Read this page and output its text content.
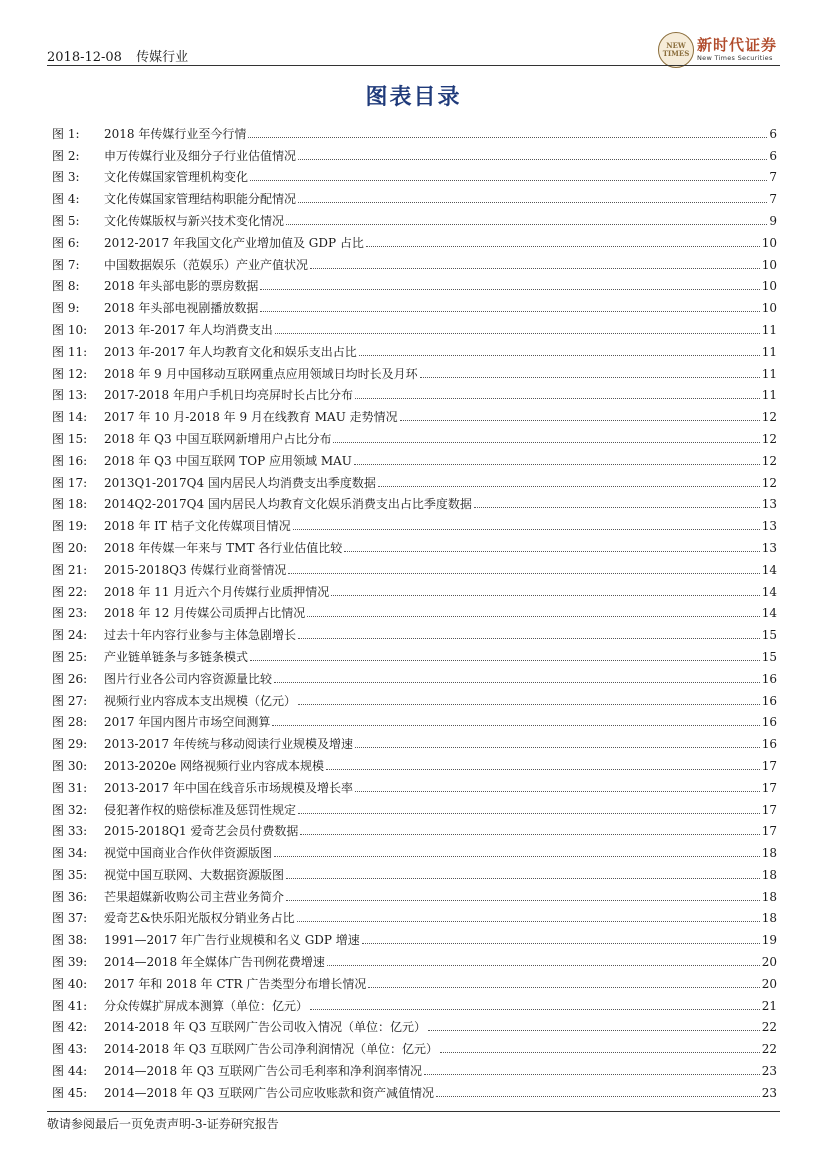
2018-12-08 传媒行业
NEW TIMES 新时代证券
New Times Securities
图表目录
图 1:	2018 年传媒行业至今行情	6
图 2:	申万传媒行业及细分子行业估值情况	6
图 3:	文化传媒国家管理机构变化	7
图 4:	文化传媒国家管理结构职能分配情况	7
图 5:	文化传媒版权与新兴技术变化情况	9
图 6:	2012-2017 年我国文化产业增加值及 GDP 占比	10
图 7:	中国数据娱乐（范娱乐）产业产值状况	10
图 8:	2018 年头部电影的票房数据	10
图 9:	2018 年头部电视剧播放数据	10
图 10:	2013 年-2017 年人均消费支出	11
图 11:	2013 年-2017 年人均教育文化和娱乐支出占比	11
图 12:	2018 年 9 月中国移动互联网重点应用领域日均时长及月环	11
图 13:	2017-2018 年用户手机日均亮屏时长占比分布	11
图 14:	2017 年 10 月-2018 年 9 月在线教育 MAU 走势情况	12
图 15:	2018 年 Q3 中国互联网新增用户占比分布	12
图 16:	2018 年 Q3 中国互联网 TOP 应用领域 MAU	12
图 17:	2013Q1-2017Q4 国内居民人均消费支出季度数据	12
图 18:	2014Q2-2017Q4 国内居民人均教育文化娱乐消费支出占比季度数据	13
图 19:	2018 年 IT 桔子文化传媒项目情况	13
图 20:	2018 年传媒一年来与 TMT 各行业估值比较	13
图 21:	2015-2018Q3 传媒行业商誉情况	14
图 22:	2018 年 11 月近六个月传媒行业质押情况	14
图 23:	2018 年 12 月传媒公司质押占比情况	14
图 24:	过去十年内容行业参与主体急剧增长	15
图 25:	产业链单链条与多链条模式	15
图 26:	图片行业各公司内容资源量比较	16
图 27:	视频行业内容成本支出规模（亿元）	16
图 28:	2017 年国内图片市场空间测算	16
图 29:	2013-2017 年传统与移动阅读行业规模及增速	16
图 30:	2013-2020e 网络视频行业内容成本规模	17
图 31:	2013-2017 年中国在线音乐市场规模及增长率	17
图 32:	侵犯著作权的赔偿标准及惩罚性规定	17
图 33:	2015-2018Q1 爱奇艺会员付费数据	17
图 34:	视觉中国商业合作伙伴资源版图	18
图 35:	视觉中国互联网、大数据资源版图	18
图 36:	芒果超媒新收购公司主营业务简介	18
图 37:	爱奇艺&快乐阳光版权分销业务占比	18
图 38:	1991—2017 年广告行业规模和名义 GDP 增速	19
图 39:	2014—2018 年全媒体广告刊例花费增速	20
图 40:	2017 年和 2018 年 CTR 广告类型分布增长情况	20
图 41:	分众传媒扩屏成本测算（单位：亿元）	21
图 42:	2014-2018 年 Q3 互联网广告公司收入情况（单位：亿元）	22
图 43:	2014-2018 年 Q3 互联网广告公司净利润情况（单位：亿元）	22
图 44:	2014—2018 年 Q3 互联网广告公司毛利率和净利润率情况	23
图 45:	2014—2018 年 Q3 互联网广告公司应收账款和资产减值情况	23
敬请参阅最后一页免责声明-3-证券研究报告
